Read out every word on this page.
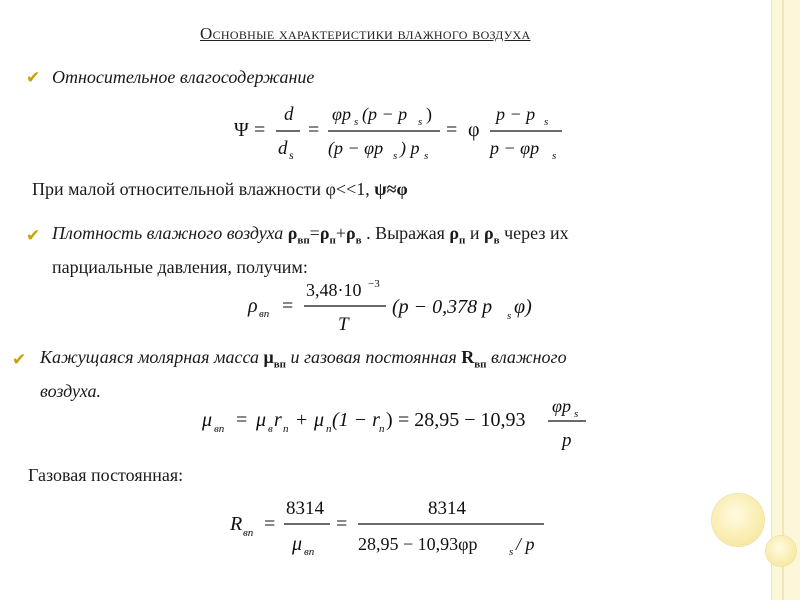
Основные характеристики влажного воздуха
✔ Относительное влагосодержание
Ψ =
d
d s
=
φp s (p − p s )
(p − φp s ) p s
= φ
p − p s
p − φp s
При малой относительной влажности φ<<1, ψ≈φ
✔ Плотность влажного воздуха $\rho_{вп}=\rho_п+\rho_в$ . Выражая $\rho_п$ и $\rho_в$ через их
парциальные давления, получим:
ρ вп =
3,48·10 −3
T
(p − 0,378 p s φ)
✔ Кажущаяся молярная масса $\mu_{вп}$ и газовая постоянная $R_{вп}$ влажного
воздуха.
μ вп = μ в r п + μ п (1 − r п ) = 28,95 − 10,93
φp s
p
Газовая постоянная:
R вп =
8314
μ вп
=
8314
28,95 − 10,93φp	s / p
